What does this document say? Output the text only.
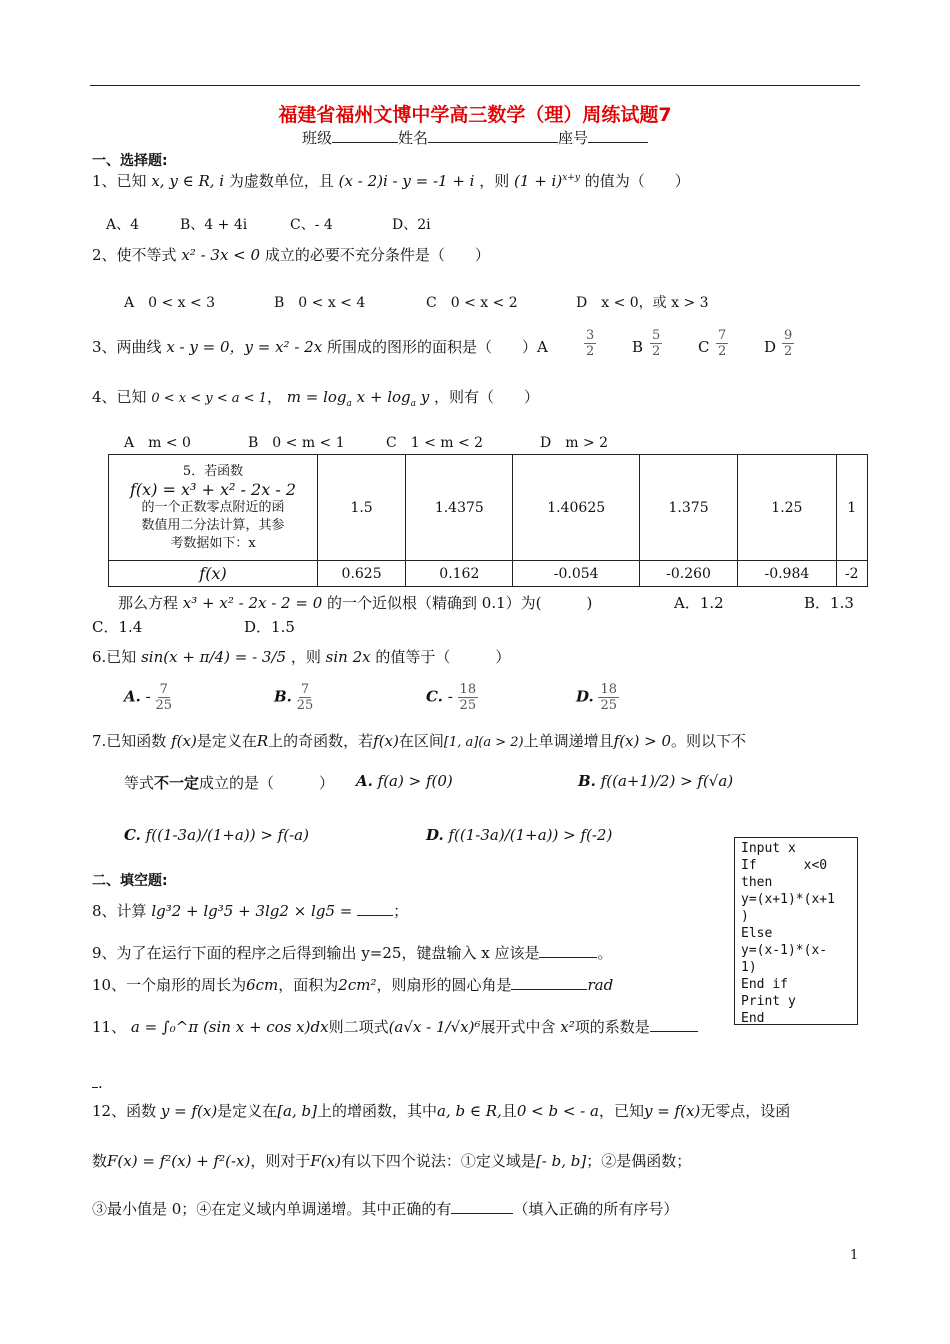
福建省福州文博中学高三数学（理）周练试题7
班级	姓名	座号
一、选择题:
1、已知 x, y ∈ R, i 为虚数单位，且 (x - 2)i - y = -1 + i ，则 $(1 + i)^{x+y}$ 的值为（　　）
A、4	B、4 + 4i	C、- 4	D、2i
2、使不等式 x² - 3x < 0 成立的必要不充分条件是（　　）
A　0 < x < 3	B　0 < x < 4	C　0 < x < 2	D　x < 0，或 x > 3
3、两曲线 x - y = 0，y = x² - 2x 所围成的图形的面积是（　　）A	$\frac{3}{2}$ B $\frac{5}{2}$ C $\frac{7}{2}$ D $\frac{9}{2}$
4、已知 0 < x < y < a < 1， $m = \log_a x + \log_a y$ ，则有（　　）
A　m < 0	B　0 < m < 1	C　1 < m < 2	D　m > 2
5．若函数
f(x) = x³ + x² - 2x - 2
的一个正数零点附近的函
数值用二分法计算，其参
考数据如下：x	1.5	1.4375	1.40625	1.375	1.25	1
f(x)	0.625	0.162	-0.054	-0.260	-0.984	-2
那么方程 x³ + x² - 2x - 2 = 0 的一个近似根（精确到 0.1）为(　　　)	A．1.2	B．1.3
C．1.4	D．1.5
6.已知 sin(x + π/4) = - 3/5 ，则 sin 2x 的值等于（　　　）
A. - $\frac{7}{25}$	B. $\frac{7}{25}$	C. - $\frac{18}{25}$	D. $\frac{18}{25}$
7.已知函数 f(x)是定义在R上的奇函数，若f(x)在区间[1, a](a > 2)上单调递增且f(x) > 0。则以下不
等式不一定成立的是（　　　） A. f(a) > f(0)	B. f((a+1)/2) > f(√a)
C. f((1-3a)/(1+a)) > f(-a)	D. f((1-3a)/(1+a)) > f(-2)
Input x
If      x<0
then
y=(x+1)*(x+1
)
Else
y=(x-1)*(x-
1)
End if
Print y
End
二、填空题:
8、计算 lg³2 + lg³5 + 3lg2 × lg5 = ；
9、为了在运行下面的程序之后得到输出 y=25，键盘输入 x 应该是	。
10、一个扇形的周长为6cm，面积为2cm²，则扇形的圆心角是	rad
11、 a = ∫₀^π (sin x + cos x)dx则二项式(a√x - 1/√x)⁶展开式中含 x²项的系数是
.
12、函数 y = f(x)是定义在[a, b]上的增函数，其中a, b ∈ R,且0 < b < - a，已知y = f(x)无零点，设函
数F(x) = f²(x) + f²(-x)，则对于F(x)有以下四个说法：①定义域是[- b, b]；②是偶函数；
③最小值是 0；④在定义域内单调递增。其中正确的有	（填入正确的所有序号）
1
